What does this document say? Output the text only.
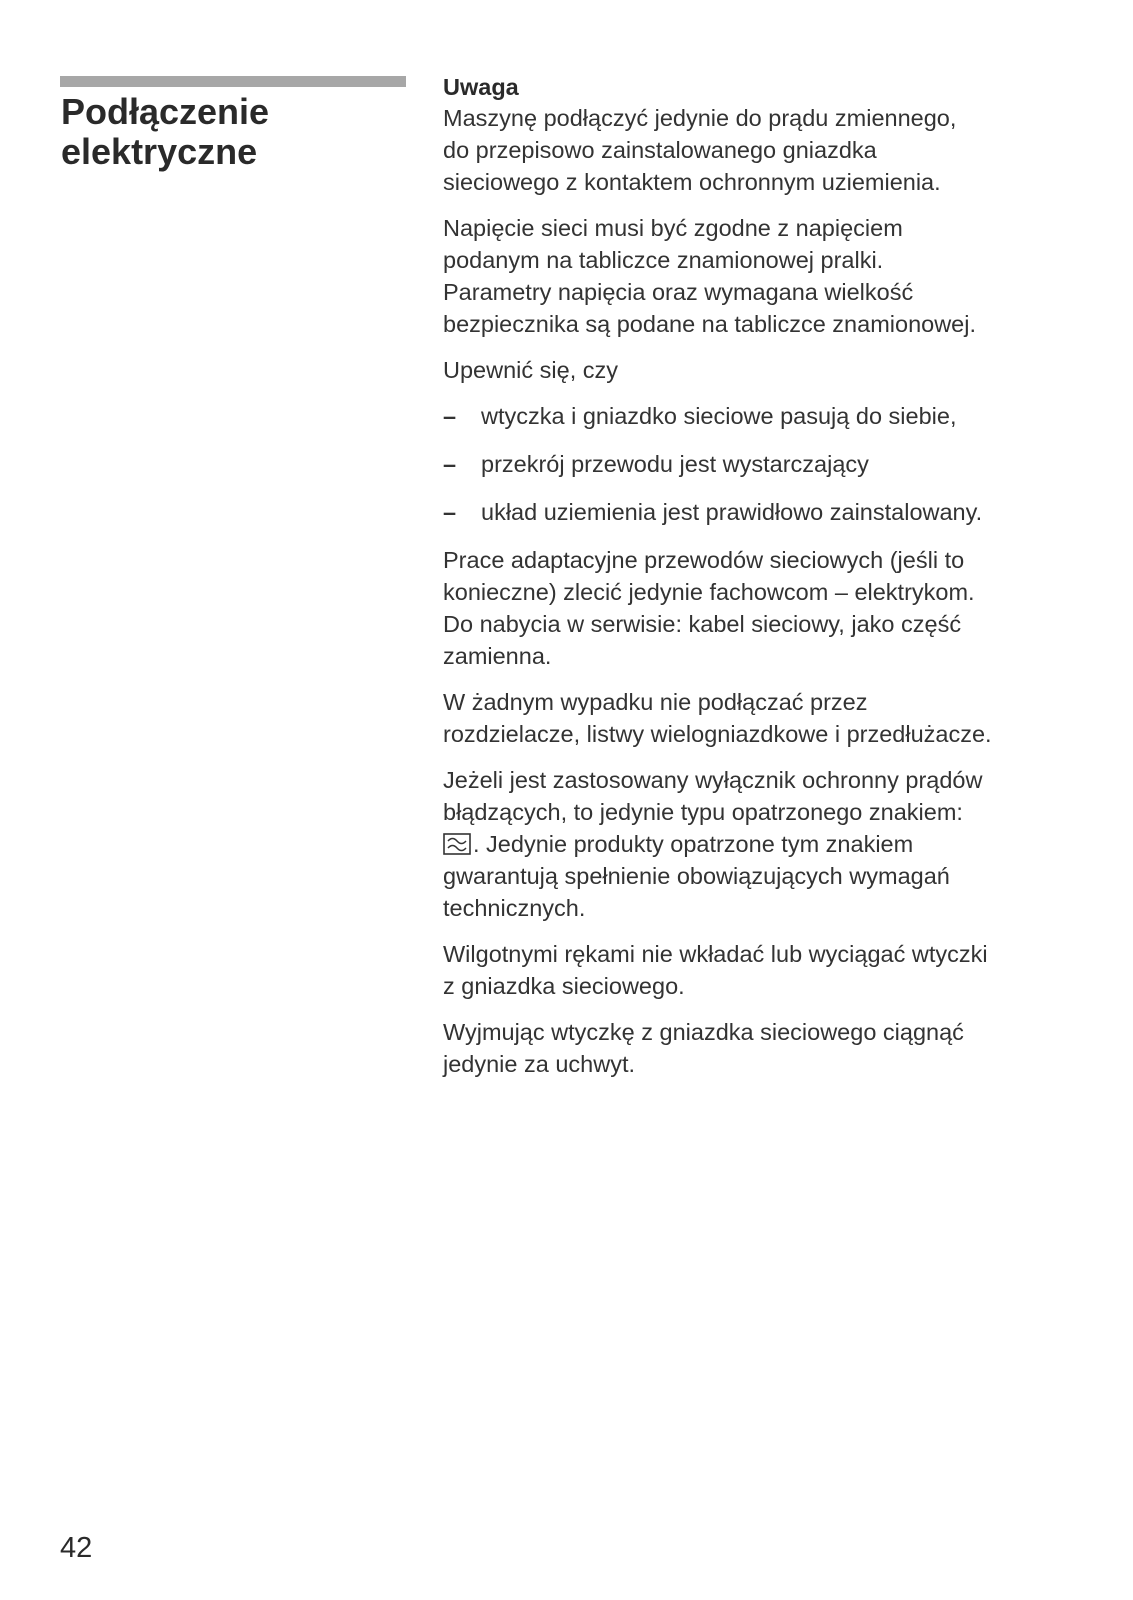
Podłączenie
elektryczne

Uwaga

Maszynę podłączyć jedynie do prądu zmiennego,
do przepisowo zainstalowanego gniazdka
sieciowego z kontaktem ochronnym uziemienia.

Napięcie sieci musi być zgodne z napięciem
podanym na tabliczce znamionowej pralki.
Parametry napięcia oraz wymagana wielkość
bezpiecznika są podane na tabliczce znamionowej.

Upewnić się, czy

– wtyczka i gniazdko sieciowe pasują do siebie,
– przekrój przewodu jest wystarczający
– układ uziemienia jest prawidłowo zainstalowany.

Prace adaptacyjne przewodów sieciowych (jeśli to
konieczne) zlecić jedynie fachowcom – elektrykom.
Do nabycia w serwisie: kabel sieciowy, jako część
zamienna.

W żadnym wypadku nie podłączać przez
rozdzielacze, listwy wielogniazdkowe i przedłużacze.

Jeżeli jest zastosowany wyłącznik ochronny prądów
błądzących, to jedynie typu opatrzonego znakiem:
. Jedynie produkty opatrzone tym znakiem
gwarantują spełnienie obowiązujących wymagań
technicznych.

Wilgotnymi rękami nie wkładać lub wyciągać wtyczki
z gniazdka sieciowego.

Wyjmując wtyczkę z gniazdka sieciowego ciągnąć
jedynie za uchwyt.

42
